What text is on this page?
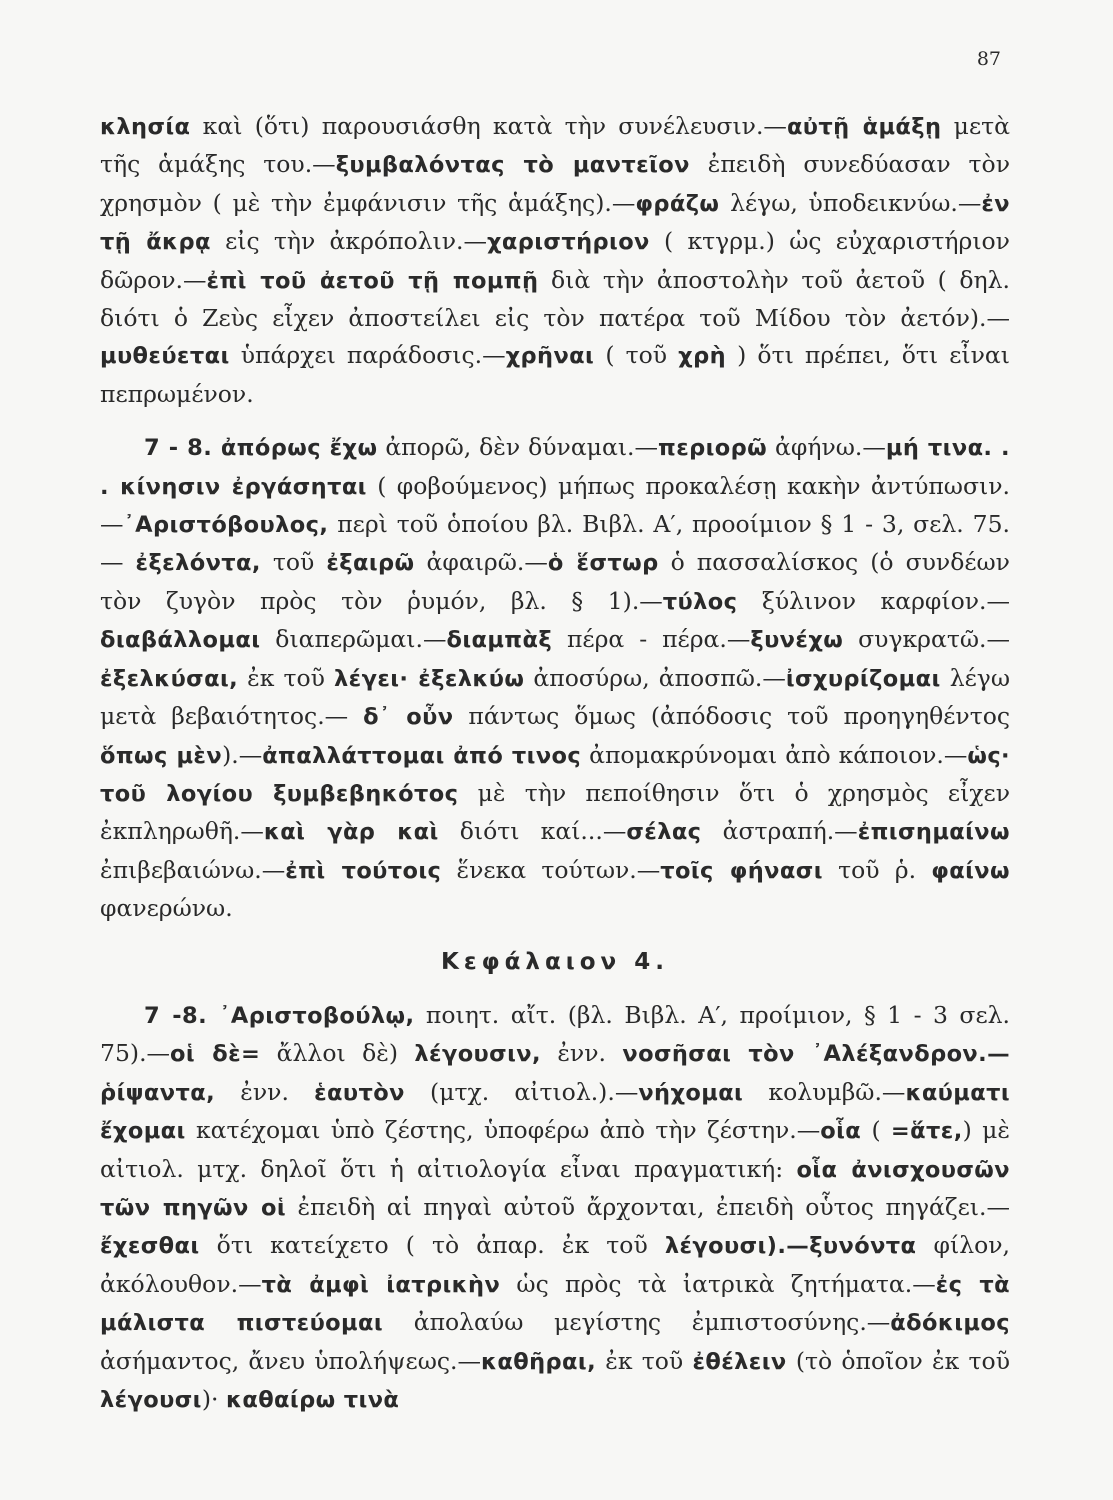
87

κλησία καὶ (ὅτι) παρουσιάσθη κατὰ τὴν συνέλευσιν.—αὐτῇ ἁμάξῃ μετὰ τῆς ἁμάξης του.—ξυμβαλόντας τὸ μαντεῖον ἐπειδὴ συνεδύασαν τὸν χρησμὸν ( μὲ τὴν ἐμφάνισιν τῆς ἁμάξης).—φράζω λέγω, ὑποδεικνύω.—ἐν τῇ ἄκρᾳ εἰς τὴν ἀκρόπολιν.—χαριστήριον ( κτγρμ.) ὡς εὐχαριστήριον δῶρον.—ἐπὶ τοῦ ἀετοῦ τῇ πομπῇ διὰ τὴν ἀποστολὴν τοῦ ἀετοῦ ( δηλ. διότι ὁ Ζεὺς εἶχεν ἀποστείλει εἰς τὸν πατέρα τοῦ Μίδου τὸν ἀετόν).—μυθεύεται ὑπάρχει παράδοσις.—χρῆναι ( τοῦ χρὴ ) ὅτι πρέπει, ὅτι εἶναι πεπρωμένον.

7 - 8. ἀπόρως ἔχω ἀπορῶ, δὲν δύναμαι.—περιορῶ ἀφήνω.—μή τινα. . . κίνησιν ἐργάσηται ( φοβούμενος) μήπως προκαλέσῃ κακὴν ἀντύπωσιν.—᾿Αριστόβουλος, περὶ τοῦ ὁποίου βλ. Βιβλ. Α′, προοίμιον § 1 - 3, σελ. 75.— ἐξελόντα, τοῦ ἐξαιρῶ ἀφαιρῶ.—ὁ ἕστωρ ὁ πασσαλίσκος (ὁ συνδέων τὸν ζυγὸν πρὸς τὸν ῥυμόν, βλ. § 1).—τύλος ξύλινον καρφίον.—διαβάλλομαι διαπερῶμαι.—διαμπὰξ πέρα - πέρα.—ξυνέχω συγκρατῶ.—ἐξελκύσαι, ἐκ τοῦ λέγει· ἐξελκύω ἀποσύρω, ἀποσπῶ.—ἰσχυρίζομαι λέγω μετὰ βεβαιότητος.— δ᾿ οὖν πάντως ὅμως (ἀπόδοσις τοῦ προηγηθέντος ὅπως μὲν).—ἀπαλλάττομαι ἀπό τινος ἀπομακρύνομαι ἀπὸ κάποιον.—ὡς· τοῦ λογίου ξυμβεβηκότος μὲ τὴν πεποίθησιν ὅτι ὁ χρησμὸς εἶχεν ἐκπληρωθῆ.—καὶ γὰρ καὶ διότι καί...—σέλας ἀστραπή.—ἐπισημαίνω ἐπιβεβαιώνω.—ἐπὶ τούτοις ἕνεκα τούτων.—τοῖς φήνασι τοῦ ῥ. φαίνω φανερώνω.

Κεφάλαιον 4.

7 -8. ᾿Αριστοβούλῳ, ποιητ. αἴτ. (βλ. Βιβλ. Α′, προίμιον, § 1 - 3 σελ. 75).—οἱ δὲ= ἄλλοι δὲ) λέγουσιν, ἐνν. νοσῆσαι τὸν ᾿Αλέξανδρον.—ῥίψαντα, ἐνν. ἑαυτὸν (μτχ. αἰτιολ.).—νήχομαι κολυμβῶ.—καύματι ἔχομαι κατέχομαι ὑπὸ ζέστης, ὑποφέρω ἀπὸ τὴν ζέστην.—οἷα ( =ἅτε,) μὲ αἰτιολ. μτχ. δηλοῖ ὅτι ἡ αἰτιολογία εἶναι πραγματική: οἷα ἀνισχουσῶν τῶν πηγῶν οἱ ἐπειδὴ αἱ πηγαὶ αὐτοῦ ἄρχονται, ἐπειδὴ οὗτος πηγάζει.—ἔχεσθαι ὅτι κατείχετο ( τὸ ἀπαρ. ἐκ τοῦ λέγουσι).—ξυνόντα φίλον, ἀκόλουθον.—τὰ ἀμφὶ ἰατρικὴν ὡς πρὸς τὰ ἰατρικὰ ζητήματα.—ἐς τὰ μάλιστα πιστεύομαι ἀπολαύω μεγίστης ἐμπιστοσύνης.—ἀδόκιμος ἀσήμαντος, ἄνευ ὑπολήψεως.—καθῆραι, ἐκ τοῦ ἐθέλειν (τὸ ὁποῖον ἐκ τοῦ λέγουσι)· καθαίρω τινὰ
